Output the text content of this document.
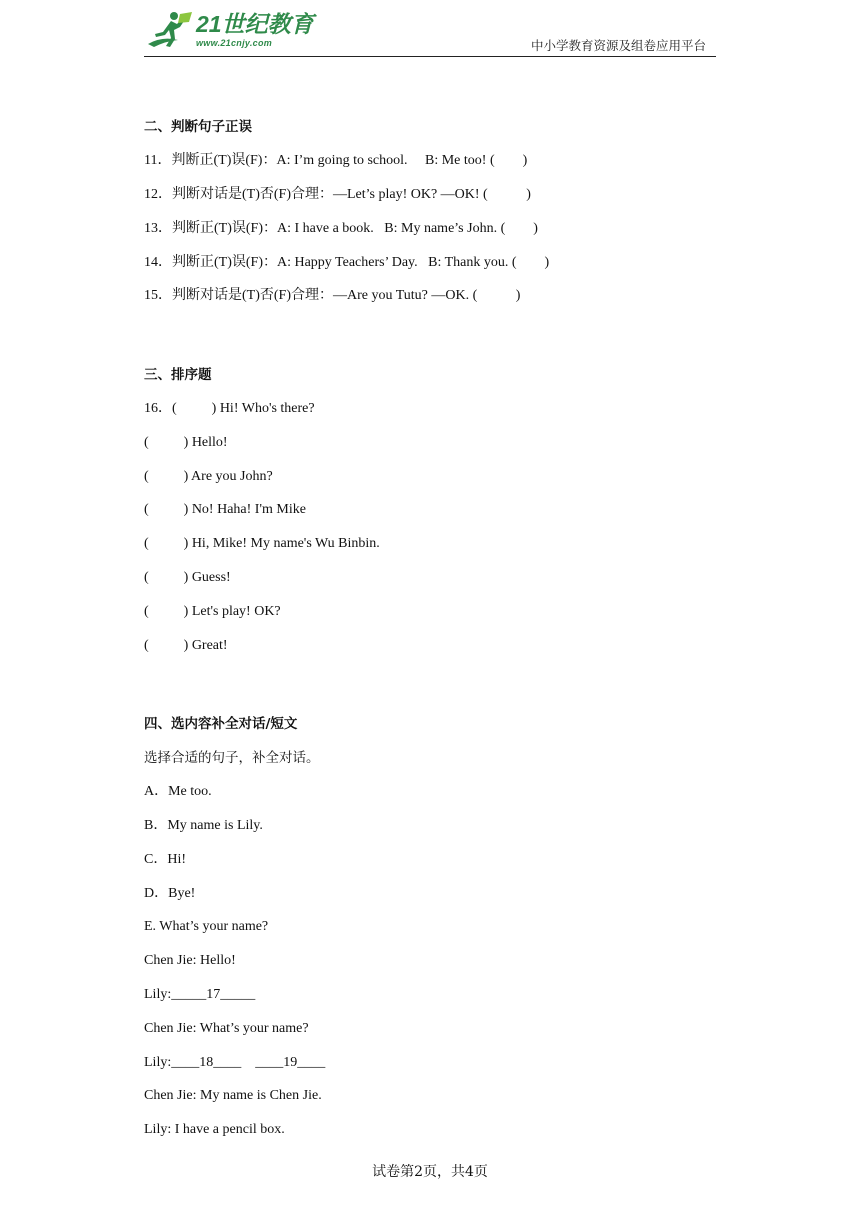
21世纪教育
www.21cnjy.com	中小学教育资源及组卷应用平台
二、判断句子正误
11．判断正(T)误(F)：A: I’m going to school.     B: Me too! (        )
12．判断对话是(T)否(F)合理：—Let’s play! OK? —OK! (           )
13．判断正(T)误(F)：A: I have a book.   B: My name’s John. (        )
14．判断正(T)误(F)：A: Happy Teachers’ Day.   B: Thank you. (        )
15．判断对话是(T)否(F)合理：—Are you Tutu? —OK. (           )
三、排序题
16．(          ) Hi! Who's there?
(          ) Hello!
(          ) Are you John?
(          ) No! Haha! I'm Mike
(          ) Hi, Mike! My name's Wu Binbin.
(          ) Guess!
(          ) Let's play! OK?
(          ) Great!
四、选内容补全对话/短文
选择合适的句子，补全对话。
A．Me too.
B．My name is Lily.
C．Hi!
D．Bye!
E. What’s your name?
Chen Jie: Hello!
Lily:_____17_____
Chen Jie: What’s your name?
Lily:____18____ ____19____
Chen Jie: My name is Chen Jie.
Lily: I have a pencil box.
试卷第2页，共4页
